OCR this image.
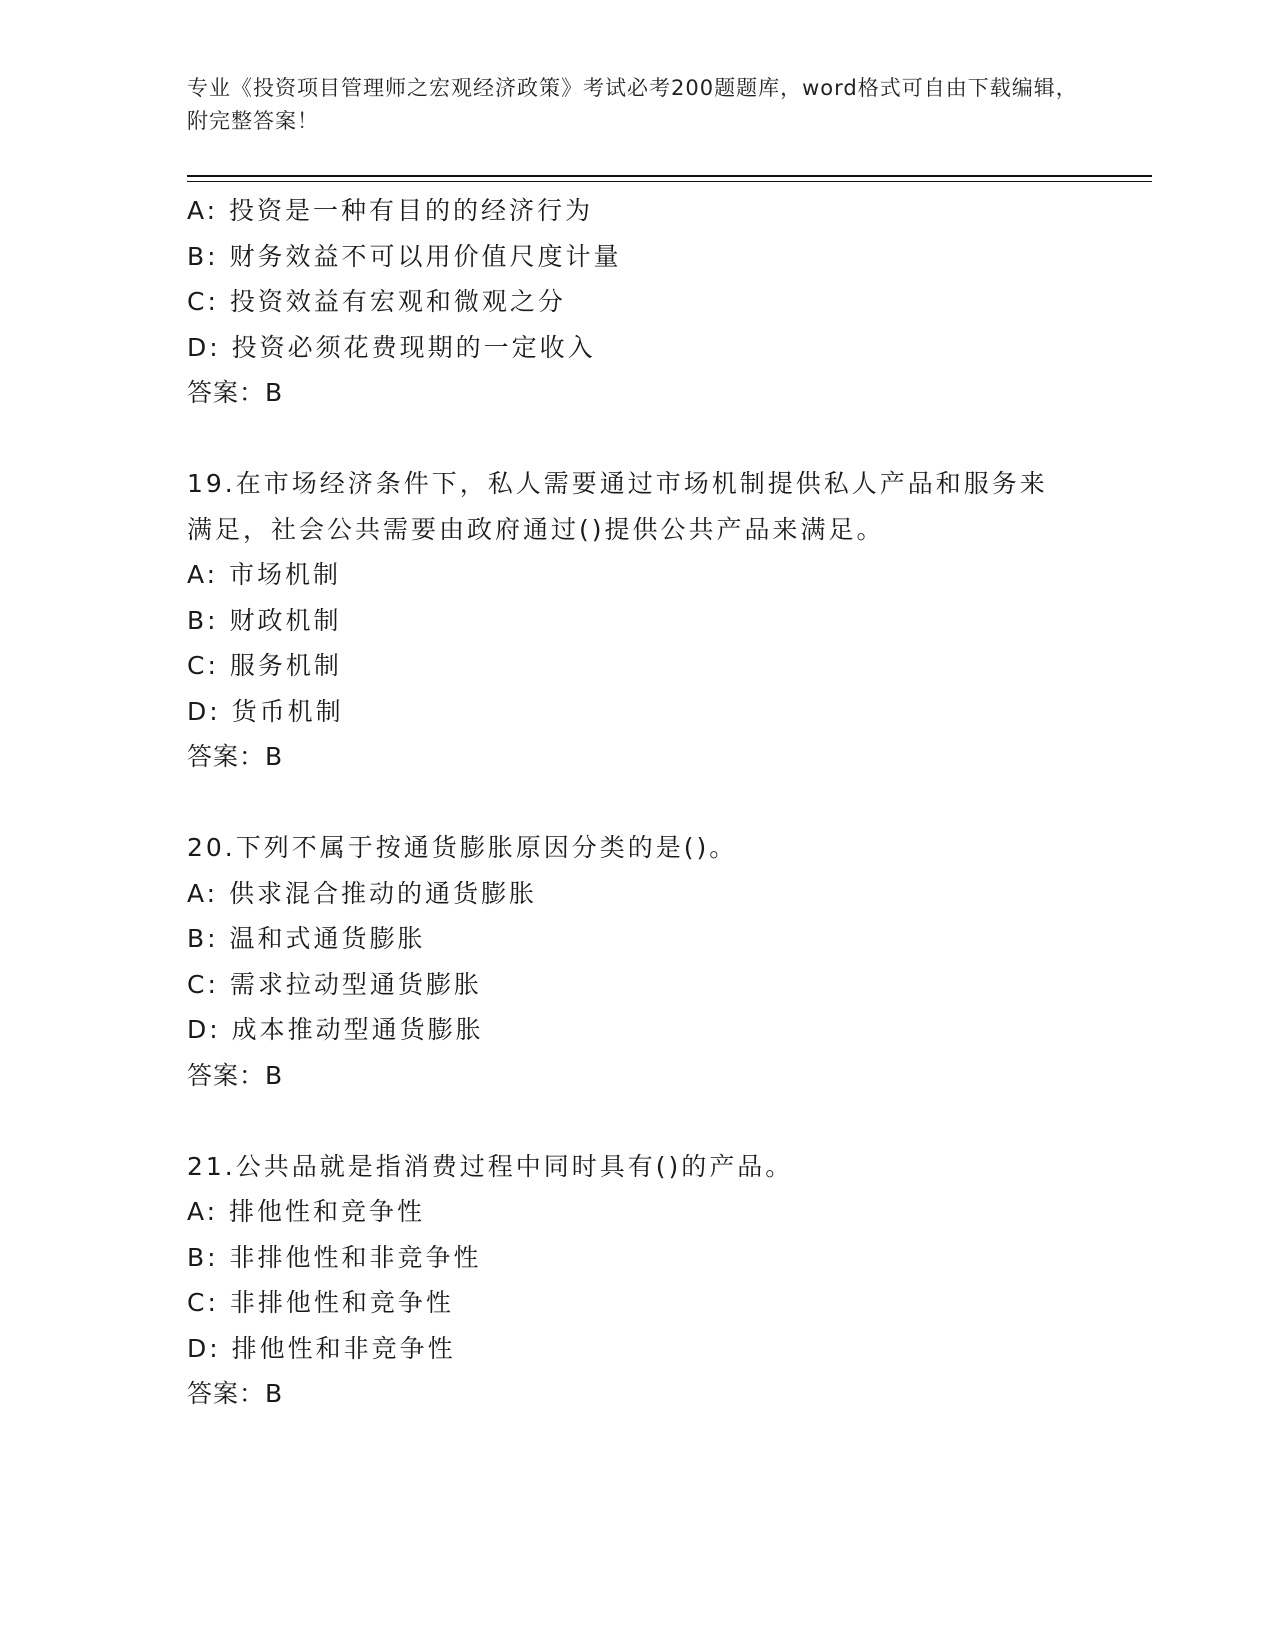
专业《投资项目管理师之宏观经济政策》考试必考200题题库，word格式可自由下载编辑，附完整答案！
A: 投资是一种有目的的经济行为
B: 财务效益不可以用价值尺度计量
C: 投资效益有宏观和微观之分
D: 投资必须花费现期的一定收入
答案：B
19.在市场经济条件下，私人需要通过市场机制提供私人产品和服务来
满足，社会公共需要由政府通过()提供公共产品来满足。
A: 市场机制
B: 财政机制
C: 服务机制
D: 货币机制
答案：B
20.下列不属于按通货膨胀原因分类的是()。
A: 供求混合推动的通货膨胀
B: 温和式通货膨胀
C: 需求拉动型通货膨胀
D: 成本推动型通货膨胀
答案：B
21.公共品就是指消费过程中同时具有()的产品。
A: 排他性和竞争性
B: 非排他性和非竞争性
C: 非排他性和竞争性
D: 排他性和非竞争性
答案：B
